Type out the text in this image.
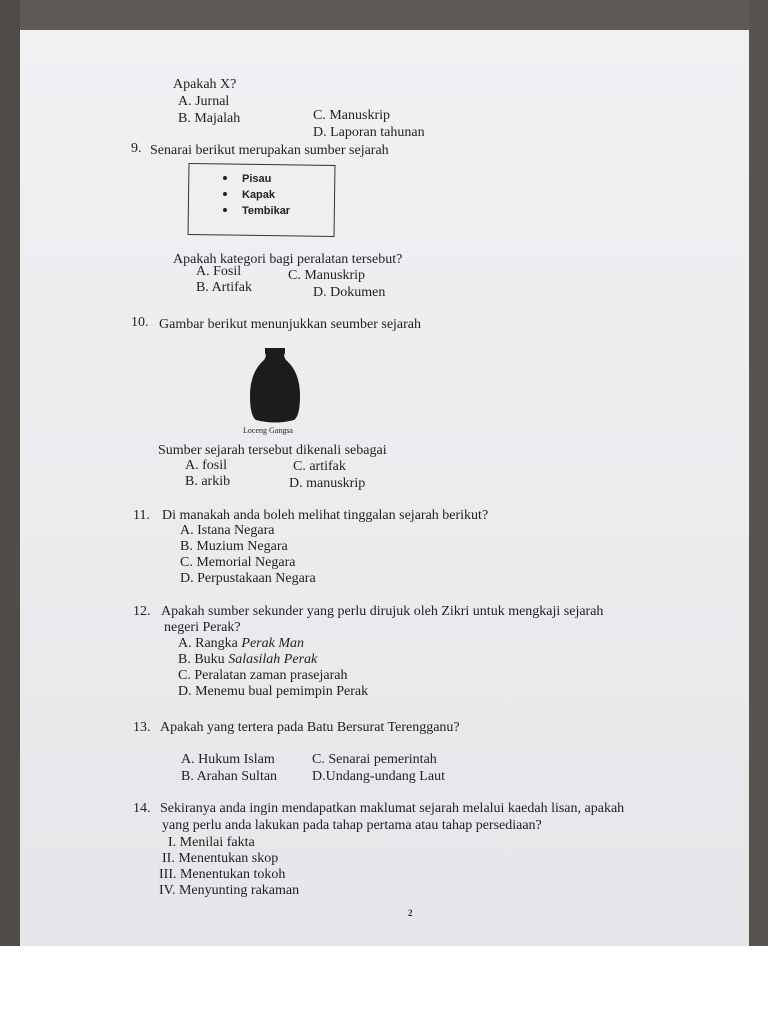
Apakah X?
A. Jurnal
B. Majalah	C. Manuskrip
D. Laporan tahunan
9. Senarai berikut merupakan sumber sejarah
Pisau
Kapak
Tembikar
Apakah kategori bagi peralatan tersebut?
A. Fosil	C. Manuskrip
B. Artifak	D. Dokumen
10. Gambar berikut menunjukkan seumber sejarah
Loceng Gangsa
Sumber sejarah tersebut dikenali sebagai
A. fosil	C. artifak
B. arkib	D. manuskrip
11. Di manakah anda boleh melihat tinggalan sejarah berikut?
A. Istana Negara
B. Muzium Negara
C. Memorial Negara
D. Perpustakaan Negara
12. Apakah sumber sekunder yang perlu dirujuk oleh Zikri untuk mengkaji sejarah
negeri Perak?
A. Rangka Perak Man
B. Buku Salasilah Perak
C. Peralatan zaman prasejarah
D. Menemu bual pemimpin Perak
13. Apakah yang tertera pada Batu Bersurat Terengganu?
A. Hukum Islam	C. Senarai pemerintah
B. Arahan Sultan D.Undang-undang Laut
14. Sekiranya anda ingin mendapatkan maklumat sejarah melalui kaedah lisan, apakah
yang perlu anda lakukan pada tahap pertama atau tahap persediaan?
I. Menilai fakta
II. Menentukan skop
III. Menentukan tokoh
IV. Menyunting rakaman
2
